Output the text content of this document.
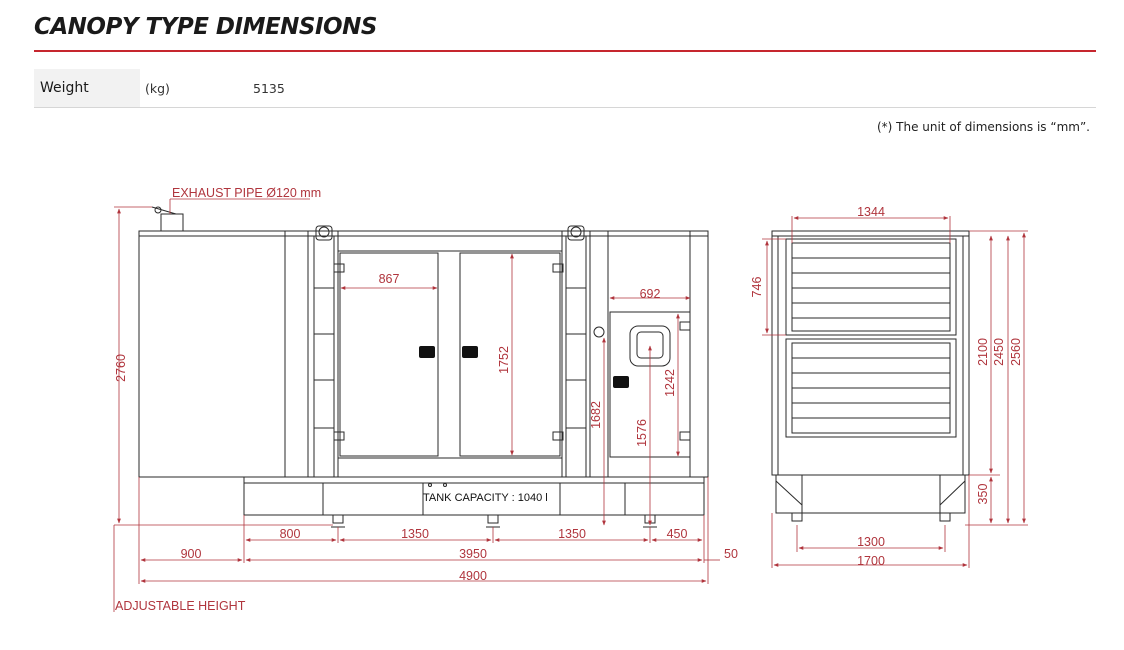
CANOPY TYPE DIMENSIONS
Weight	(kg)	5135
(*) The unit of dimensions is “mm”.
EXHAUST PIPE Ø120 mm
TANK CAPACITY : 1040 l
ADJUSTABLE HEIGHT
2760
867
1752
692
1242
1576
1682
800	1350	1350	450
900	3950	50
4900
1344
746
2100 2450 2560
350
1300
1700
